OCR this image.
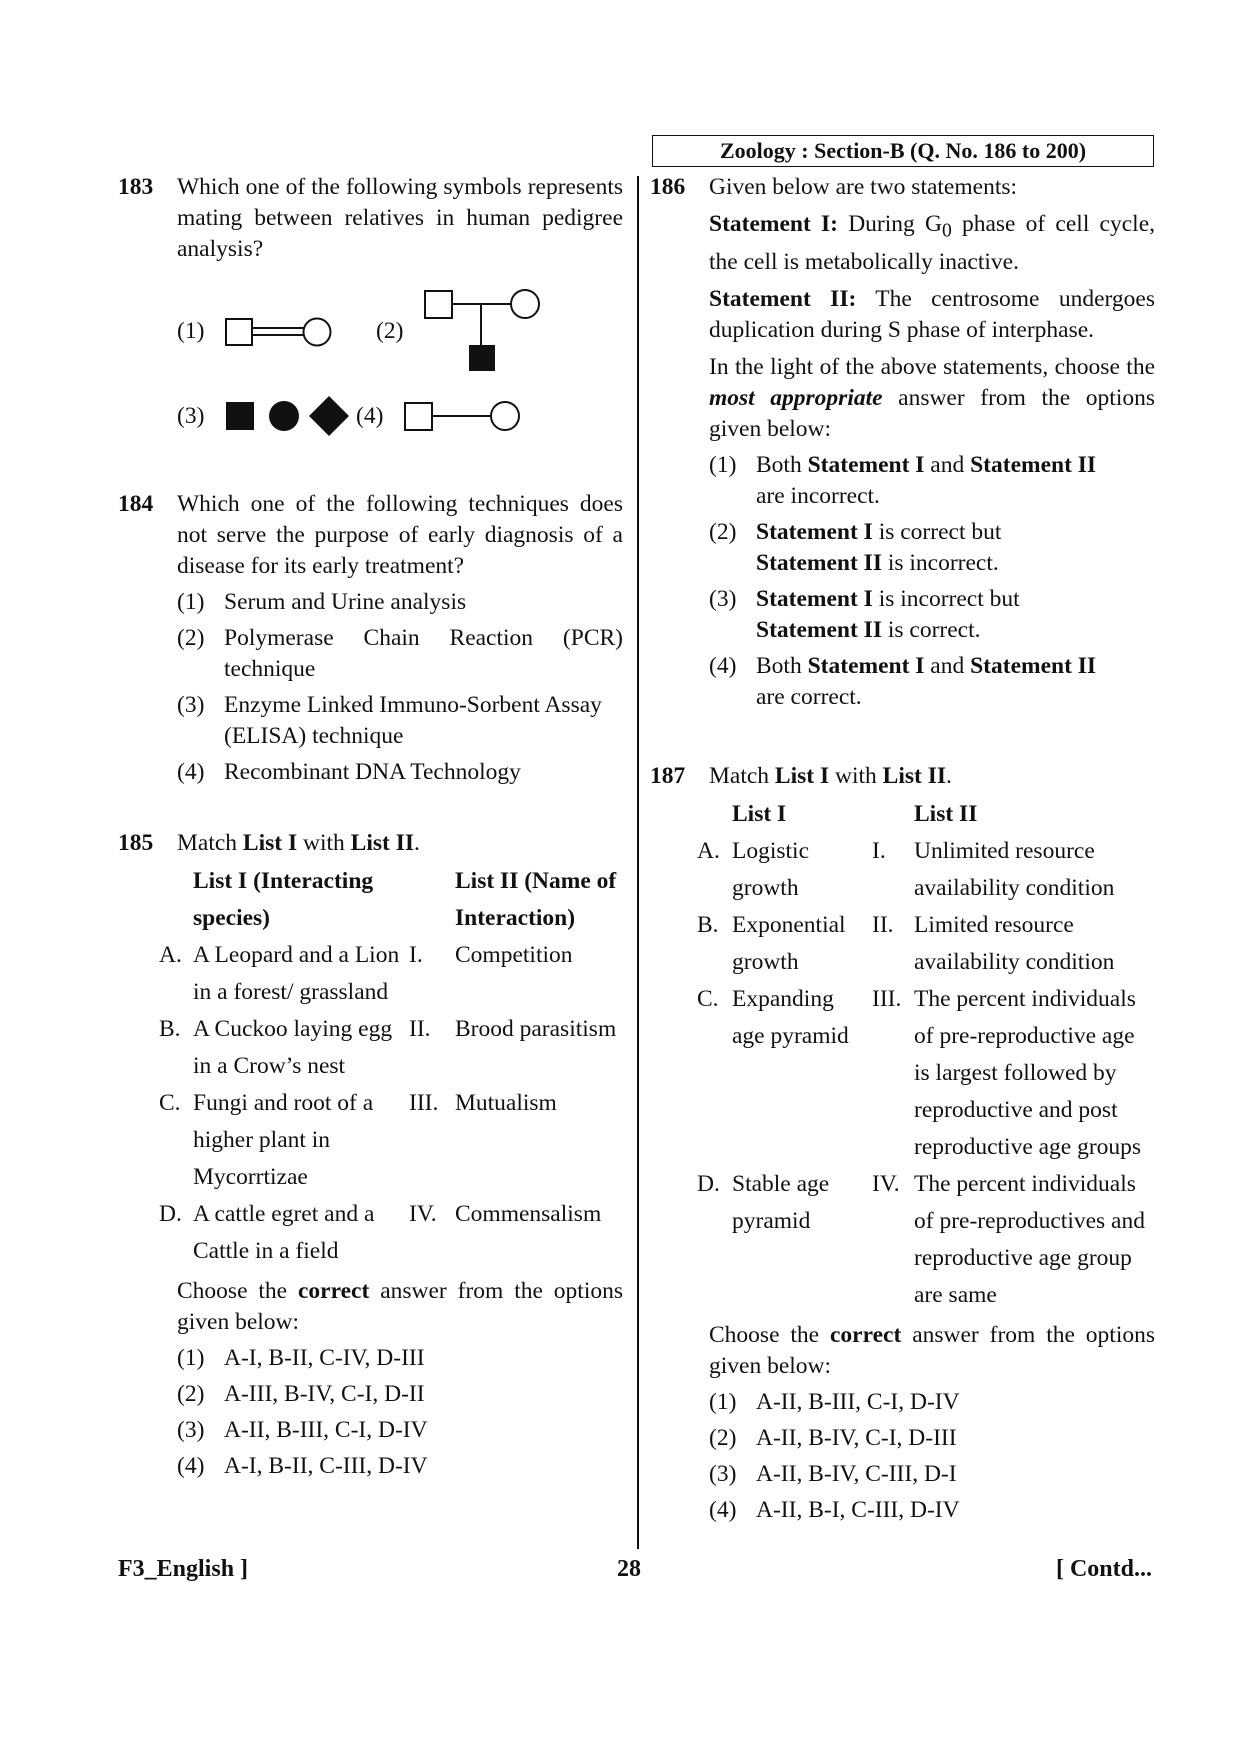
Zoology : Section-B (Q. No. 186 to 200)
183 Which one of the following symbols represents mating between relatives in human pedigree analysis?
(1)	(2)
(3)	(4)
184 Which one of the following techniques does not serve the purpose of early diagnosis of a disease for its early treatment?
(1) Serum and Urine analysis
(2) Polymerase Chain Reaction (PCR) technique
(3) Enzyme Linked Immuno-Sorbent Assay (ELISA) technique
(4) Recombinant DNA Technology
185 Match List I with List II.
List I (Interacting species)
List II (Name of Interaction)
A. A Leopard and a Lion in a forest/ grassland
I.	Competition
B. A Cuckoo laying egg in a Crow’s nest
II.	Brood parasitism
C. Fungi and root of a higher plant in Mycorrtizae
III. Mutualism
D. A cattle egret and a Cattle in a field
IV. Commensalism
Choose the correct answer from the options given below:
(1) A-I, B-II, C-IV, D-III
(2) A-III, B-IV, C-I, D-II
(3) A-II, B-III, C-I, D-IV
(4) A-I, B-II, C-III, D-IV
186 Given below are two statements:
Statement I: During $G_0$ phase of cell cycle, the cell is metabolically inactive.
Statement II: The centrosome undergoes duplication during S phase of interphase.
In the light of the above statements, choose the most appropriate answer from the options given below:
(1) Both Statement I and Statement II
are incorrect.
(2) Statement I is correct but
Statement II is incorrect.
(3) Statement I is incorrect but
Statement II is correct.
(4) Both Statement I and Statement II
are correct.
187 Match List I with List II.
List I	List II
A. Logistic growth
I.	Unlimited resource availability condition
B. Exponential growth
II. Limited resource availability condition
C. Expanding age pyramid
III. The percent individuals of pre-reproductive age is largest followed by reproductive and post reproductive age groups
D. Stable age pyramid
IV. The percent individuals of pre-reproductives and reproductive age group are same
Choose the correct answer from the options given below:
(1) A-II, B-III, C-I, D-IV
(2) A-II, B-IV, C-I, D-III
(3) A-II, B-IV, C-III, D-I
(4) A-II, B-I, C-III, D-IV
F3_English ]	28	[ Contd...
